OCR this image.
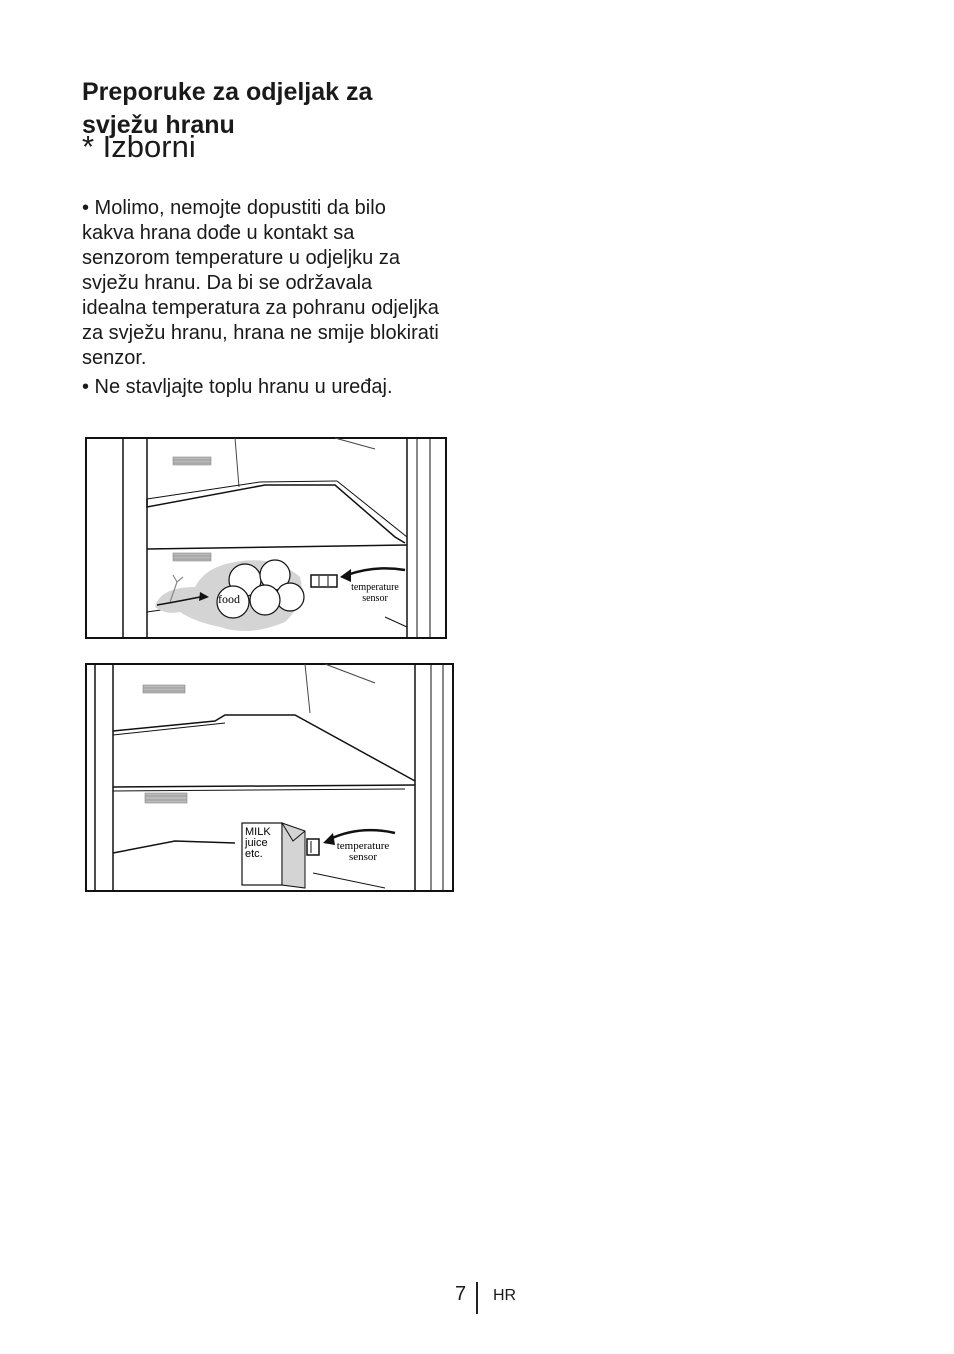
Preporuke za odjeljak za svježu hranu
* Izborni

• Molimo, nemojte dopustiti da bilo kakva hrana dođe u kontakt sa senzorom temperature u odjeljku za svježu hranu. Da bi se održavala idealna temperatura za pohranu odjeljka za svježu hranu, hrana ne smije blokirati senzor.

• Ne stavljajte toplu hranu u uređaj.

food
temperature
sensor
MILK
juice
etc.
temperature
sensor
7 HR
